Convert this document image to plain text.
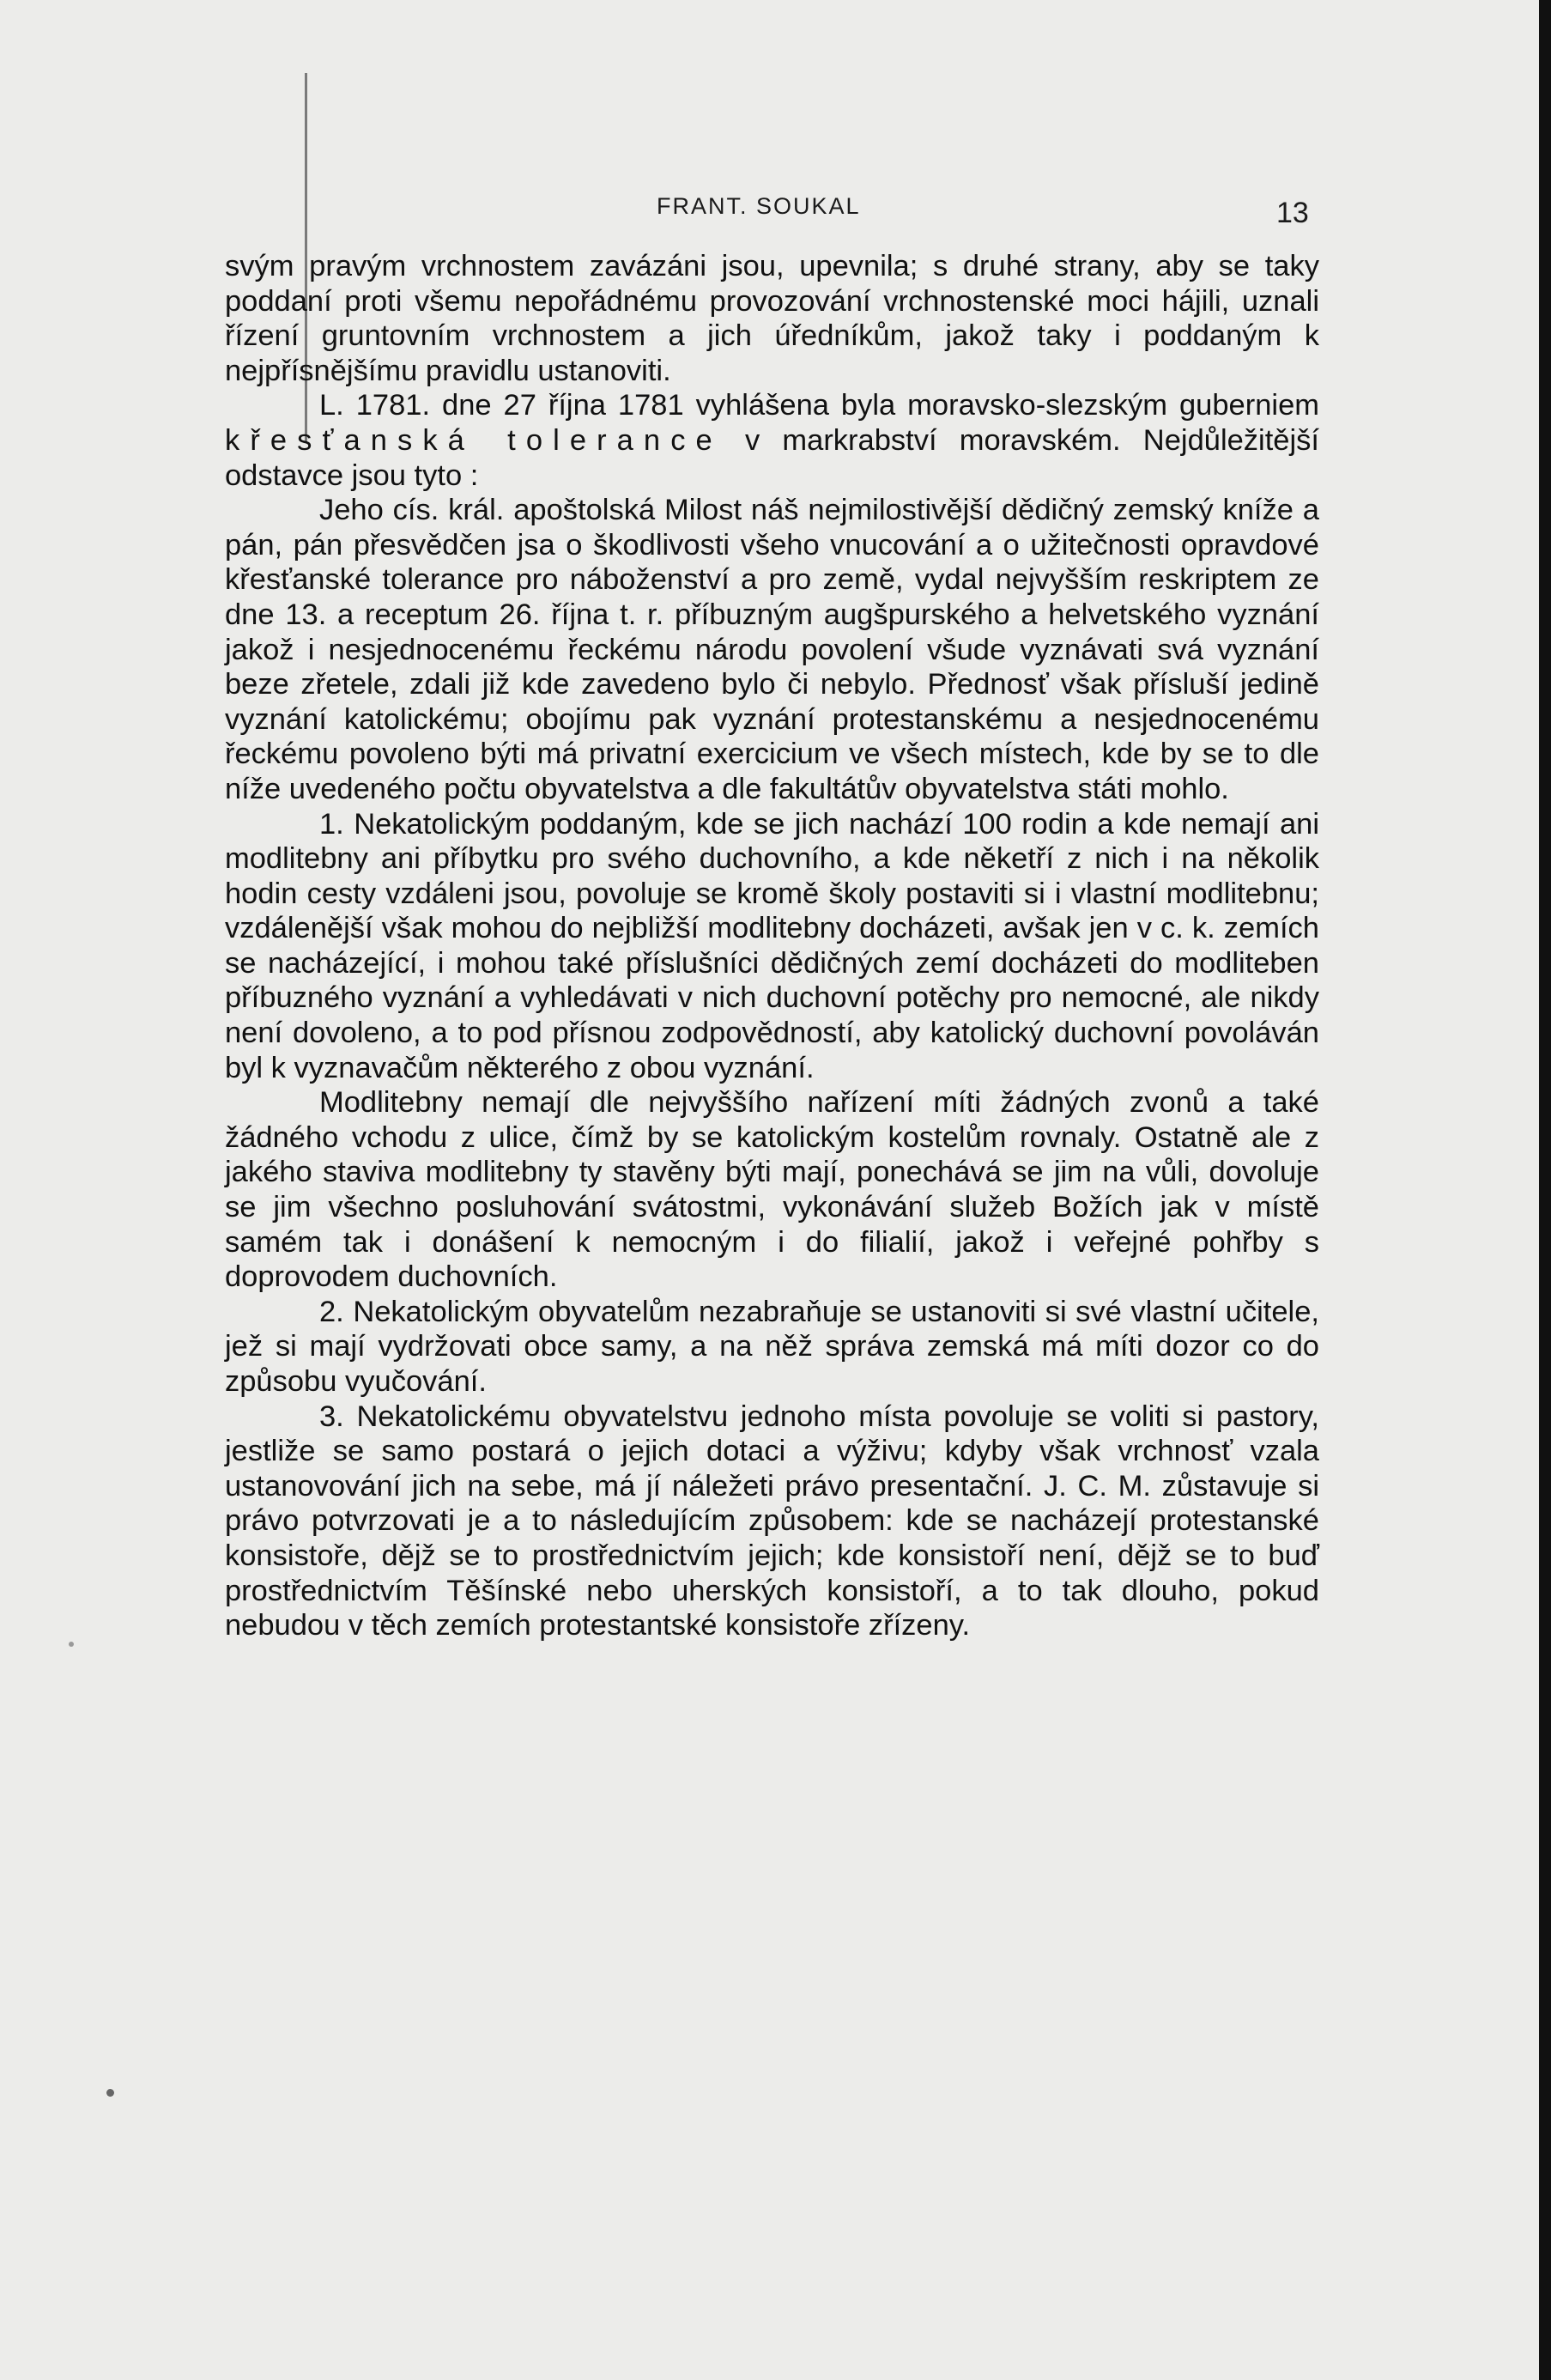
FRANT. SOUKAL	13

svým pravým vrchnostem zavázáni jsou, upevnila; s druhé strany, aby se taky poddaní proti všemu nepořádnému provozování vrchnostenské moci hájili, uznali řízení gruntovním vrchnostem a jich úředníkům, jakož taky i poddaným k nejpřísnějšímu pravidlu ustanoviti.

L. 1781. dne 27 října 1781 vyhlášena byla moravsko-slezským guberniem křesťanská tolerance v markrabství moravském. Nejdůležitější odstavce jsou tyto :

Jeho cís. král. apoštolská Milost náš nejmilostivější dědičný zemský kníže a pán, pán přesvědčen jsa o škodlivosti všeho vnucování a o užitečnosti opravdové křesťanské tolerance pro náboženství a pro země, vydal nejvyšším reskriptem ze dne 13. a receptum 26. října t. r. příbuzným augšpurského a helvetského vyznání jakož i nesjednocenému řeckému národu povolení všude vyznávati svá vyznání beze zřetele, zdali již kde zavedeno bylo či nebylo. Přednosť však přísluší jedině vyznání katolickému; obojímu pak vyznání protestanskému a nesjednocenému řeckému povoleno býti má privatní exercicium ve všech místech, kde by se to dle níže uvedeného počtu obyvatelstva a dle fakultátův obyvatelstva státi mohlo.

1. Nekatolickým poddaným, kde se jich nachází 100 rodin a kde nemají ani modlitebny ani příbytku pro svého duchovního, a kde něketří z nich i na několik hodin cesty vzdáleni jsou, povoluje se kromě školy postaviti si i vlastní modlitebnu; vzdálenější však mohou do nejbližší modlitebny docházeti, avšak jen v c. k. zemích se nacházející, i mohou také příslušníci dědičných zemí docházeti do modliteben příbuzného vyznání a vyhledávati v nich duchovní potěchy pro nemocné, ale nikdy není dovoleno, a to pod přísnou zodpovědností, aby katolický duchovní povoláván byl k vyznavačům některého z obou vyznání.

Modlitebny nemají dle nejvyššího nařízení míti žádných zvonů a také žádného vchodu z ulice, čímž by se katolickým kostelům rovnaly. Ostatně ale z jakého staviva modlitebny ty stavěny býti mají, ponechává se jim na vůli, dovoluje se jim všechno posluhování svátostmi, vykonávání služeb Božích jak v místě samém tak i donášení k nemocným i do filialií, jakož i veřejné pohřby s doprovodem duchovních.

2. Nekatolickým obyvatelům nezabraňuje se ustanoviti si své vlastní učitele, jež si mají vydržovati obce samy, a na něž správa zemská má míti dozor co do způsobu vyučování.

3. Nekatolickému obyvatelstvu jednoho místa povoluje se voliti si pastory, jestliže se samo postará o jejich dotaci a výživu; kdyby však vrchnosť vzala ustanovování jich na sebe, má jí náležeti právo presentační. J. C. M. zůstavuje si právo potvrzovati je a to následujícím způsobem: kde se nacházejí protestanské konsistoře, dějž se to prostřednictvím jejich; kde konsistoří není, dějž se to buď prostřednictvím Těšínské nebo uherských konsistoří, a to tak dlouho, pokud nebudou v těch zemích protestantské konsistoře zřízeny.
